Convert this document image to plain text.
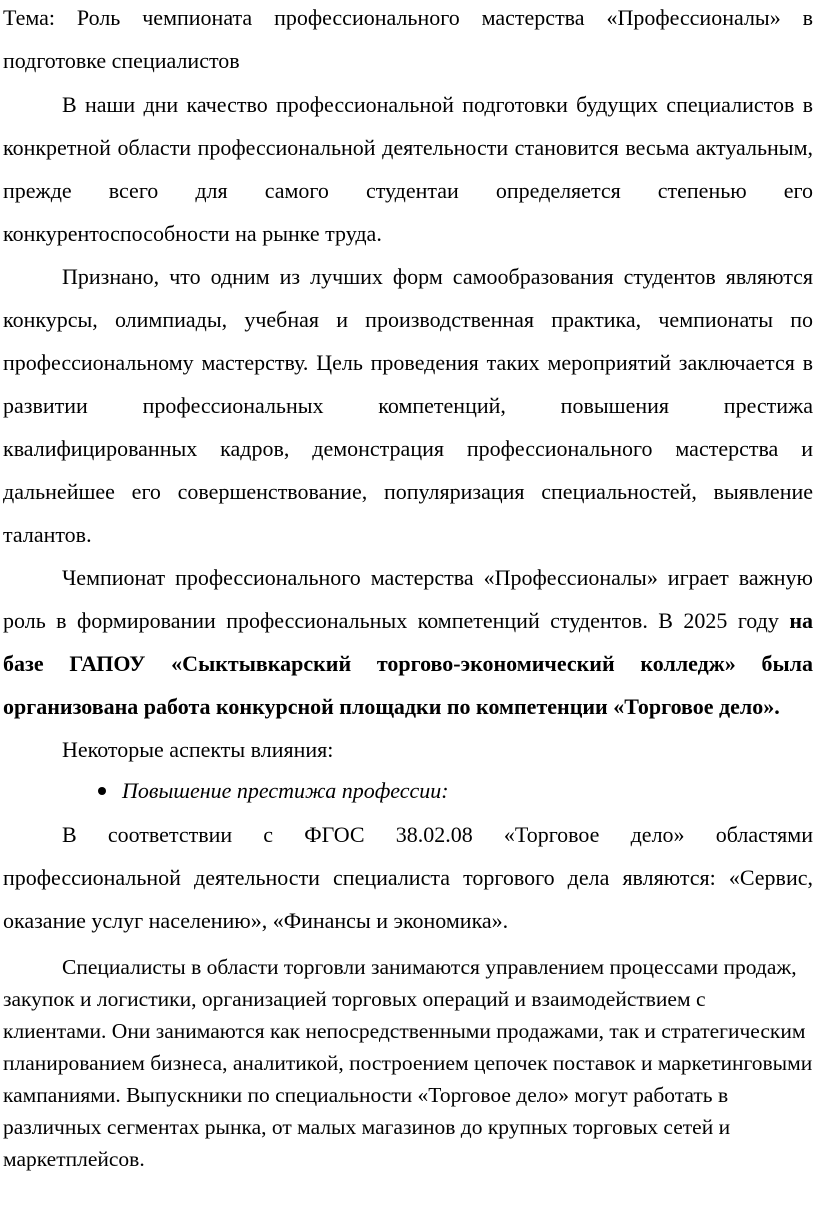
Тема: Роль чемпионата профессионального мастерства «Профессионалы» в подготовке специалистов

В наши дни качество профессиональной подготовки будущих специалистов в конкретной области профессиональной деятельности становится весьма актуальным, прежде всего для самого студентаи определяется степенью его конкурентоспособности на рынке труда.

Признано, что одним из лучших форм самообразования студентов являются конкурсы, олимпиады, учебная и производственная практика, чемпионаты по профессиональному мастерству. Цель проведения таких мероприятий заключается в развитии профессиональных компетенций, повышения престижа квалифицированных кадров, демонстрация профессионального мастерства и дальнейшее его совершенствование, популяризация специальностей, выявление талантов.

Чемпионат профессионального мастерства «Профессионалы» играет важную роль в формировании профессиональных компетенций студентов. В 2025 году на базе ГАПОУ «Сыктывкарский торгово-экономический колледж» была организована работа конкурсной площадки по компетенции «Торговое дело».

Некоторые аспекты влияния:

Повышение престижа профессии:

В соответствии с ФГОС 38.02.08 «Торговое дело» областями профессиональной деятельности специалиста торгового дела являются: «Сервис, оказание услуг населению», «Финансы и экономика».

Специалисты в области торговли занимаются управлением процессами продаж, закупок и логистики, организацией торговых операций и взаимодействием с клиентами. Они занимаются как непосредственными продажами, так и стратегическим планированием бизнеса, аналитикой, построением цепочек поставок и маркетинговыми кампаниями. Выпускники по специальности «Торговое дело» могут работать в различных сегментах рынка, от малых магазинов до крупных торговых сетей и маркетплейсов.
